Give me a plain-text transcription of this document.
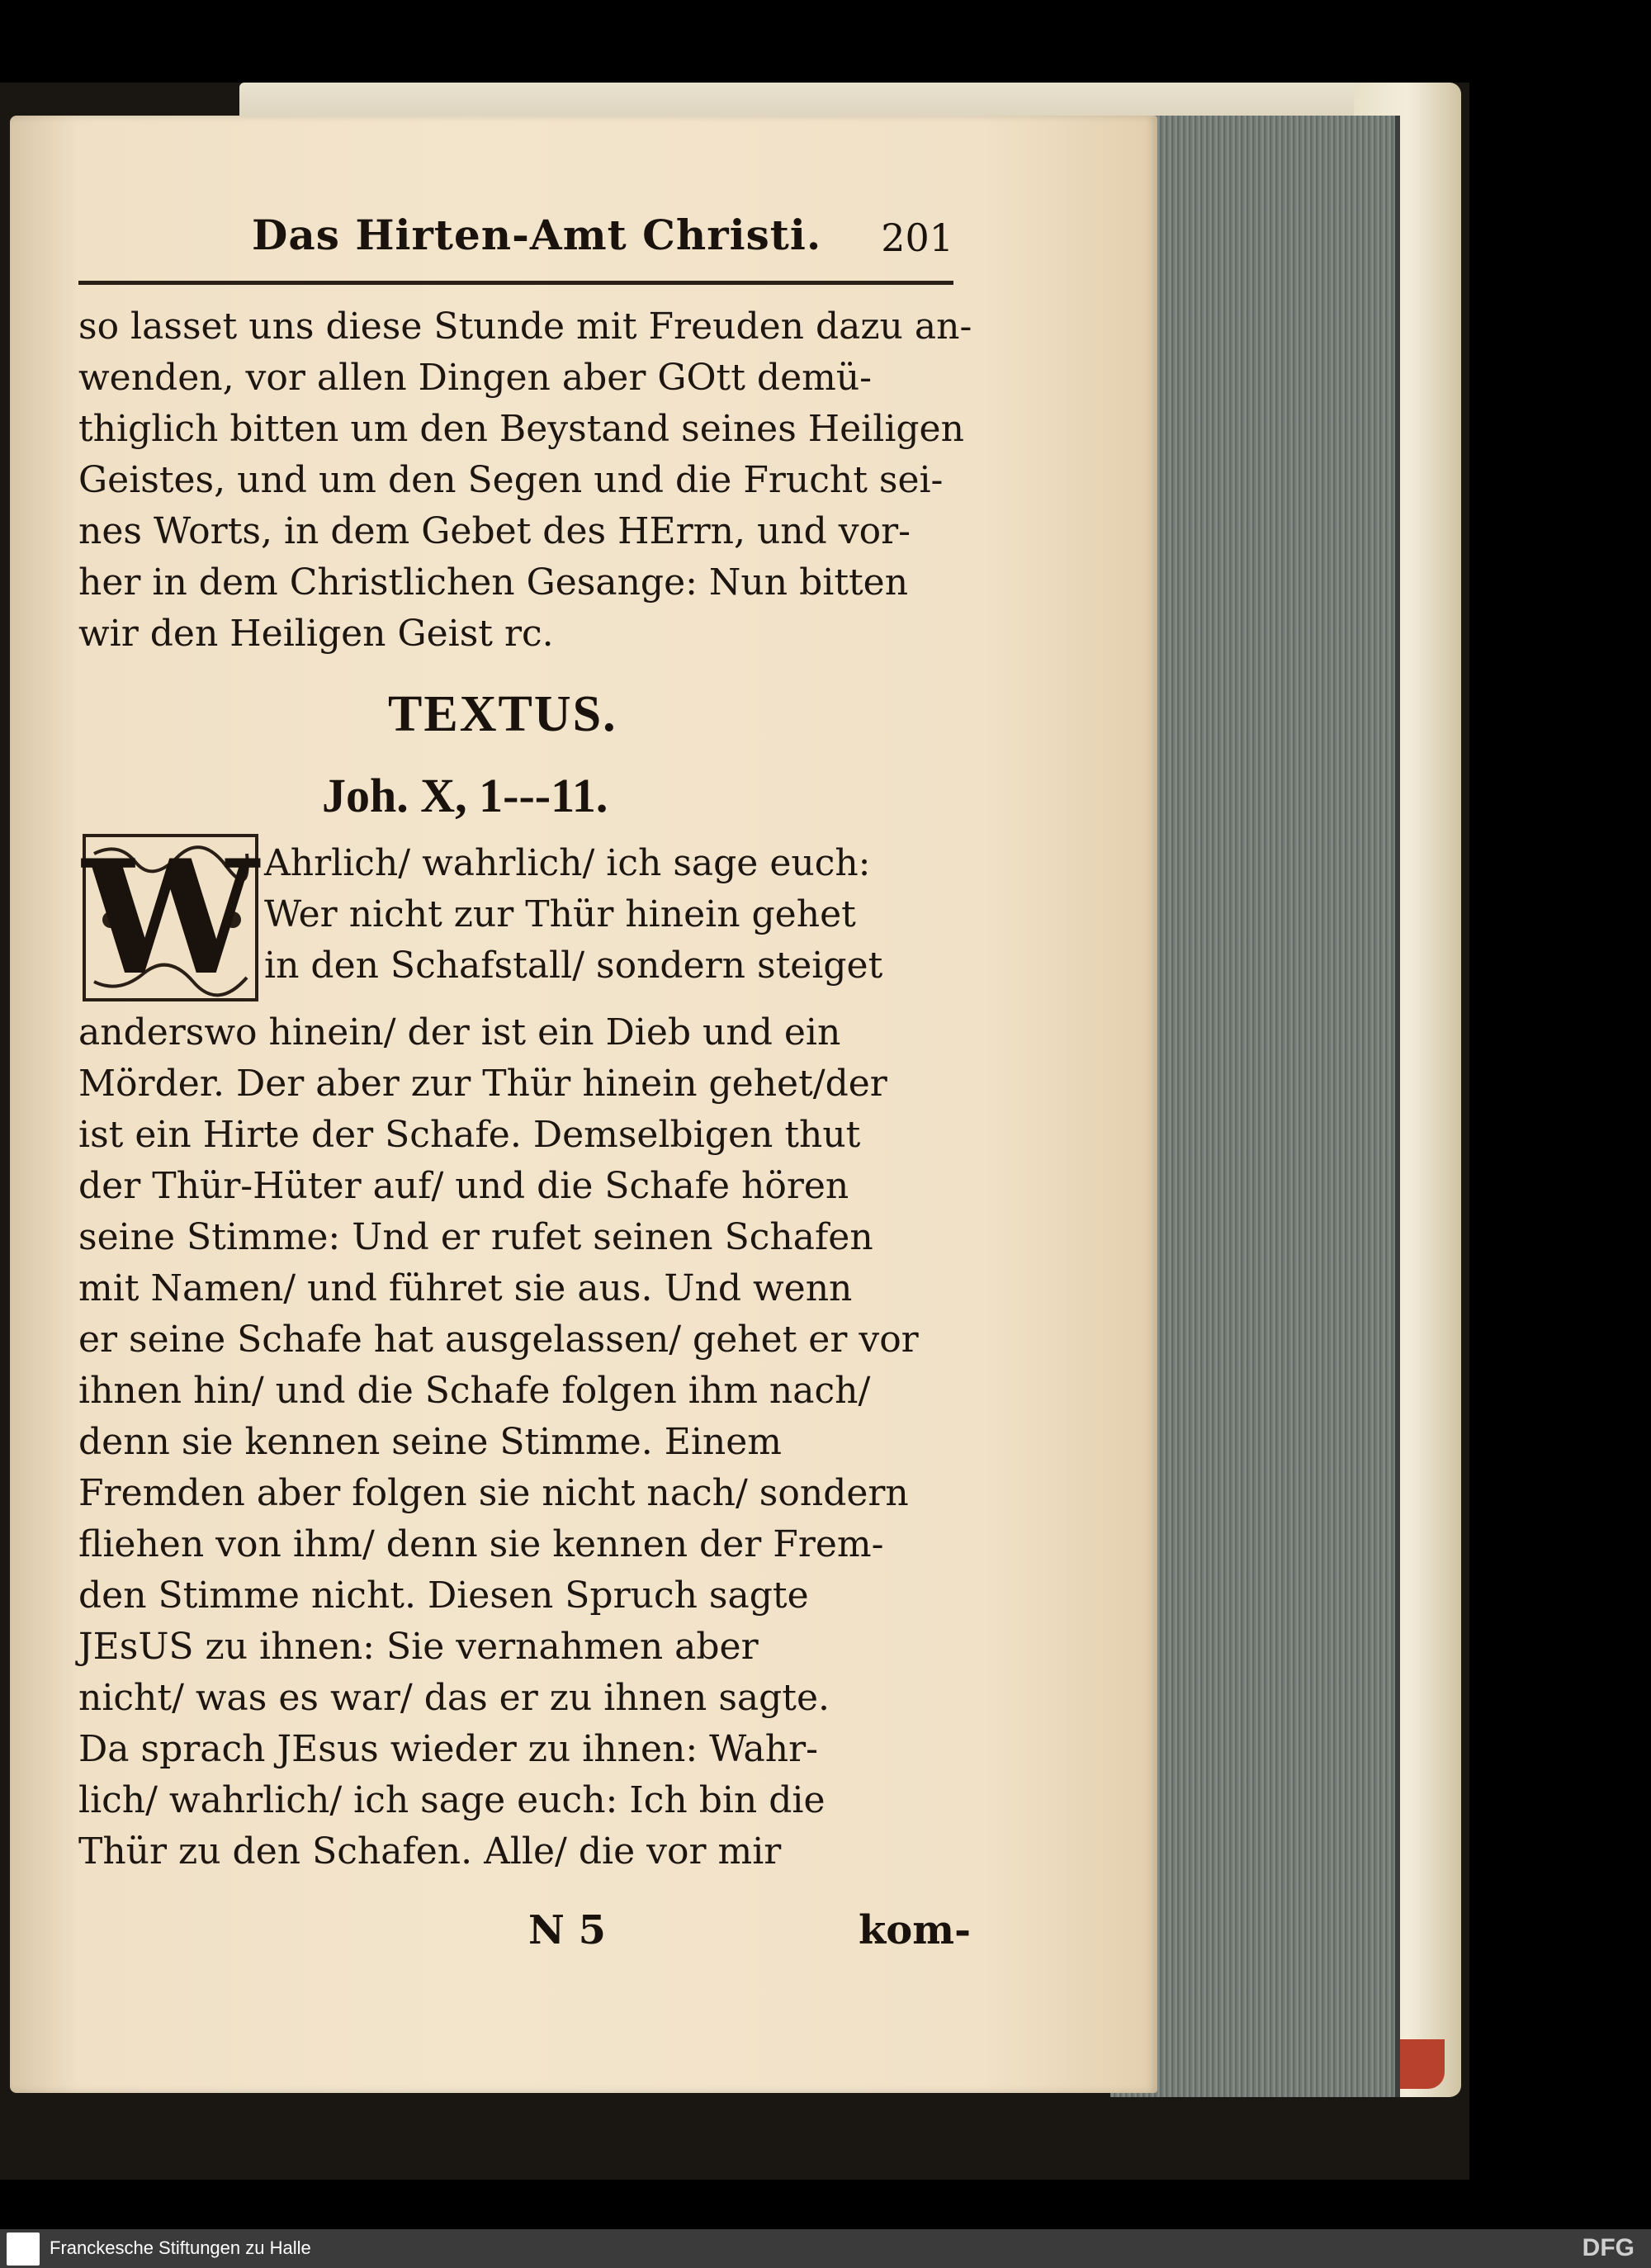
Das Hirten-Amt Christi. 201
so lasset uns diese Stunde mit Freuden dazu an-
wenden, vor allen Dingen aber GOtt demü-
thiglich bitten um den Beystand seines Heiligen
Geistes, und um den Segen und die Frucht sei-
nes Worts, in dem Gebet des HErrn, und vor-
her in dem Christlichen Gesange: Nun bitten
wir den Heiligen Geist rc.
TEXTUS.
Joh. X, 1---11.
W Ahrlich/ wahrlich/ ich sage euch:
Wer nicht zur Thür hinein gehet
in den Schafstall/ sondern steiget
anderswo hinein/ der ist ein Dieb und ein
Mörder. Der aber zur Thür hinein gehet/der
ist ein Hirte der Schafe. Demselbigen thut
der Thür-Hüter auf/ und die Schafe hören
seine Stimme: Und er rufet seinen Schafen
mit Namen/ und führet sie aus. Und wenn
er seine Schafe hat ausgelassen/ gehet er vor
ihnen hin/ und die Schafe folgen ihm nach/
denn sie kennen seine Stimme. Einem
Fremden aber folgen sie nicht nach/ sondern
fliehen von ihm/ denn sie kennen der Frem-
den Stimme nicht. Diesen Spruch sagte
JEsUS zu ihnen: Sie vernahmen aber
nicht/ was es war/ das er zu ihnen sagte.
Da sprach JEsus wieder zu ihnen: Wahr-
lich/ wahrlich/ ich sage euch: Ich bin die
Thür zu den Schafen. Alle/ die vor mir
N 5	kom-
Franckesche Stiftungen zu Halle	DFG
